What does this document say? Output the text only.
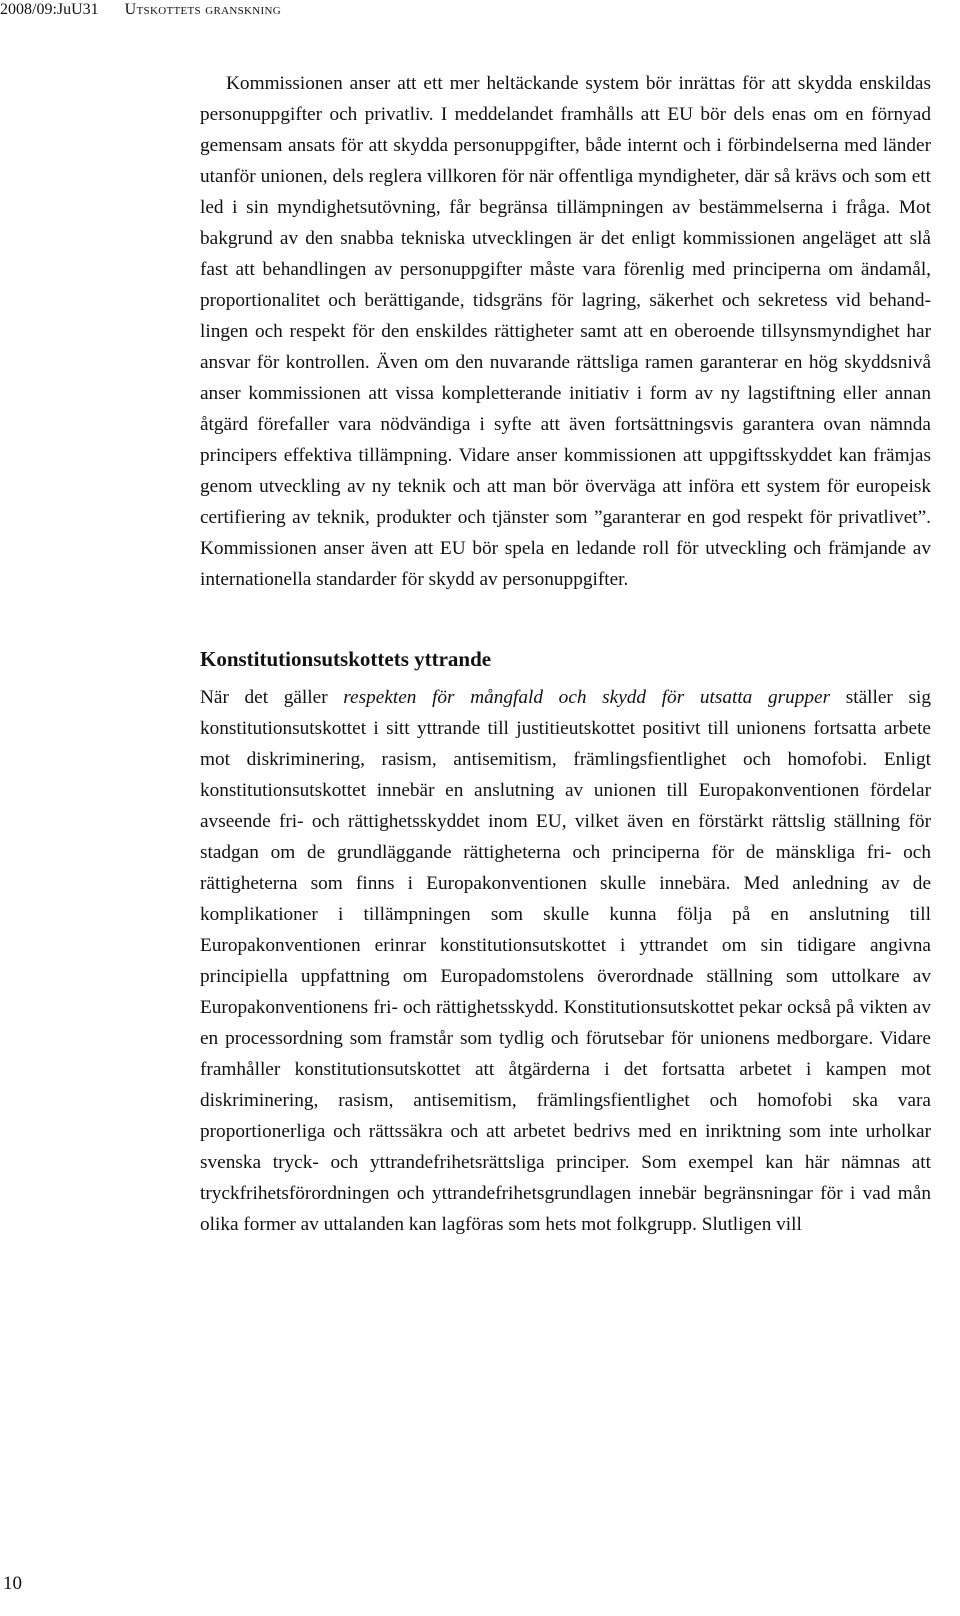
2008/09:JuU31 Utskottets granskning

Kommissionen anser att ett mer heltäckande system bör inrättas för att skydda enskildas personuppgifter och privatliv. I meddelandet framhålls att EU bör dels enas om en förnyad gemensam ansats för att skydda personuppgifter, både internt och i förbindelserna med länder utanför unionen, dels reglera villkoren för när offentliga myndigheter, där så krävs och som ett led i sin myndighetsutövning, får begränsa tillämpningen av bestämmelserna i fråga. Mot bakgrund av den snabba tekniska utvecklingen är det enligt kommissionen angeläget att slå fast att behandlingen av personuppgifter måste vara förenlig med principerna om ändamål, proportionalitet och berättigande, tidsgräns för lagring, säkerhet och sekretess vid behandlingen och respekt för den enskildes rättigheter samt att en oberoende tillsynsmyndighet har ansvar för kontrollen. Även om den nuvarande rättsliga ramen garanterar en hög skyddsnivå anser kommissionen att vissa kompletterande initiativ i form av ny lagstiftning eller annan åtgärd förefaller vara nödvändiga i syfte att även fortsättningsvis garantera ovan nämnda principers effektiva tillämpning. Vidare anser kommissionen att uppgiftsskyddet kan främjas genom utveckling av ny teknik och att man bör överväga att införa ett system för europeisk certifiering av teknik, produkter och tjänster som ”garanterar en god respekt för privatlivet”. Kommissionen anser även att EU bör spela en ledande roll för utveckling och främjande av internationella standarder för skydd av personuppgifter.

Konstitutionsutskottets yttrande

När det gäller respekten för mångfald och skydd för utsatta grupper ställer sig konstitutionsutskottet i sitt yttrande till justitieutskottet positivt till unionens fortsatta arbete mot diskriminering, rasism, antisemitism, främlingsfientlighet och homofobi. Enligt konstitutionsutskottet innebär en anslutning av unionen till Europakonventionen fördelar avseende fri- och rättighetsskyddet inom EU, vilket även en förstärkt rättslig ställning för stadgan om de grundläggande rättigheterna och principerna för de mänskliga fri- och rättigheterna som finns i Europakonventionen skulle innebära. Med anledning av de komplikationer i tillämpningen som skulle kunna följa på en anslutning till Europakonventionen erinrar konstitutionsutskottet i yttrandet om sin tidigare angivna principiella uppfattning om Europadomstolens överordnade ställning som uttolkare av Europakonventionens fri- och rättighetsskydd. Konstitutionsutskottet pekar också på vikten av en processordning som framstår som tydlig och förutsebar för unionens medborgare. Vidare framhåller konstitutionsutskottet att åtgärderna i det fortsatta arbetet i kampen mot diskriminering, rasism, antisemitism, främlingsfientlighet och homofobi ska vara proportionerliga och rättssäkra och att arbetet bedrivs med en inriktning som inte urholkar svenska tryck- och yttrandefrihetsrättsliga principer. Som exempel kan här nämnas att tryckfrihetsförordningen och yttrandefrihetsgrundlagen innebär begränsningar för i vad mån olika former av uttalanden kan lagföras som hets mot folkgrupp. Slutligen vill

10
